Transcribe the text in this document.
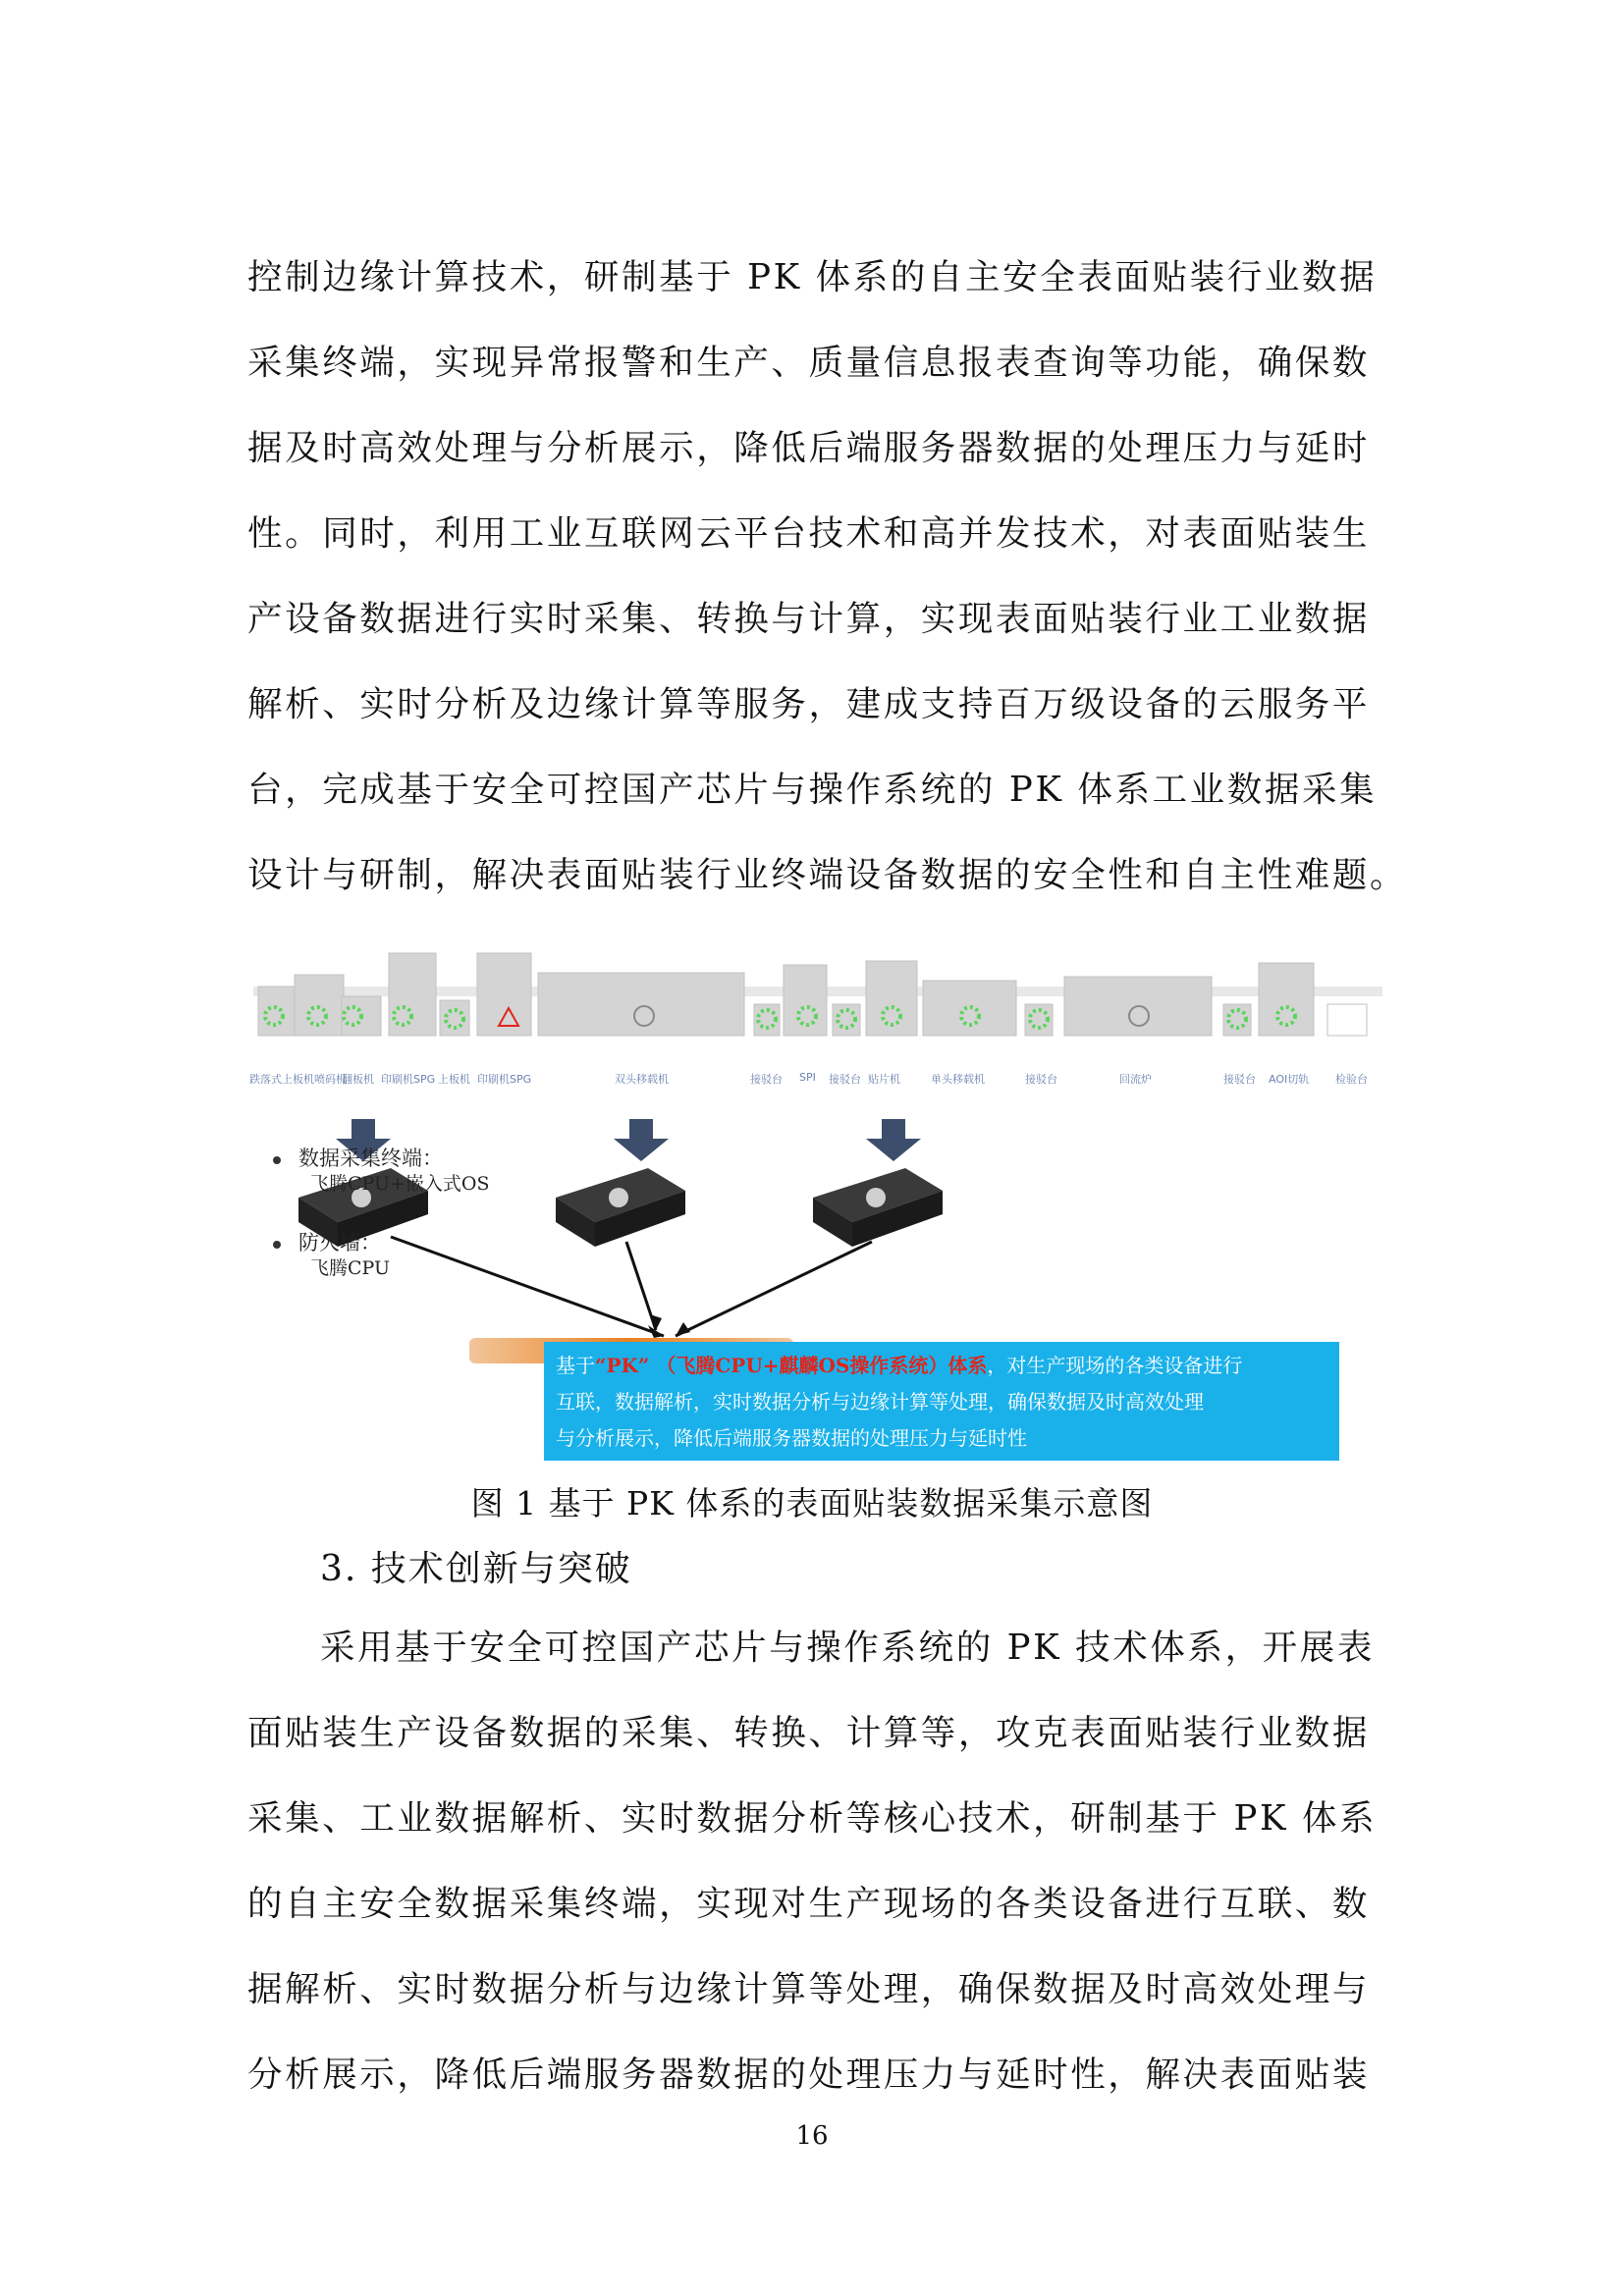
控制边缘计算技术，研制基于 PK 体系的自主安全表面贴装行业数据
采集终端，实现异常报警和生产、质量信息报表查询等功能，确保数
据及时高效处理与分析展示，降低后端服务器数据的处理压力与延时
性。同时，利用工业互联网云平台技术和高并发技术，对表面贴装生
产设备数据进行实时采集、转换与计算，实现表面贴装行业工业数据
解析、实时分析及边缘计算等服务，建成支持百万级设备的云服务平
台，完成基于安全可控国产芯片与操作系统的 PK 体系工业数据采集
设计与研制，解决表面贴装行业终端设备数据的安全性和自主性难题。
跌落式上板机喷码机
翻板机 印刷机SPG 上板机 印刷机SPG	双头移载机	接驳台 SPI 接驳台 贴片机	单头移载机	接驳台	回流炉	接驳台 AOI切轨 检验台
数据采集终端：
飞腾CPU+嵌入式OS
防火墙：
飞腾CPU
基于“PK” （飞腾CPU+麒麟OS操作系统）体系，对生产现场的各类设备进行
互联，数据解析，实时数据分析与边缘计算等处理，确保数据及时高效处理
与分析展示，降低后端服务器数据的处理压力与延时性
图 1 基于 PK 体系的表面贴装数据采集示意图
3. 技术创新与突破
采用基于安全可控国产芯片与操作系统的 PK 技术体系，开展表
面贴装生产设备数据的采集、转换、计算等，攻克表面贴装行业数据
采集、工业数据解析、实时数据分析等核心技术，研制基于 PK 体系
的自主安全数据采集终端，实现对生产现场的各类设备进行互联、数
据解析、实时数据分析与边缘计算等处理，确保数据及时高效处理与
分析展示，降低后端服务器数据的处理压力与延时性，解决表面贴装
16
